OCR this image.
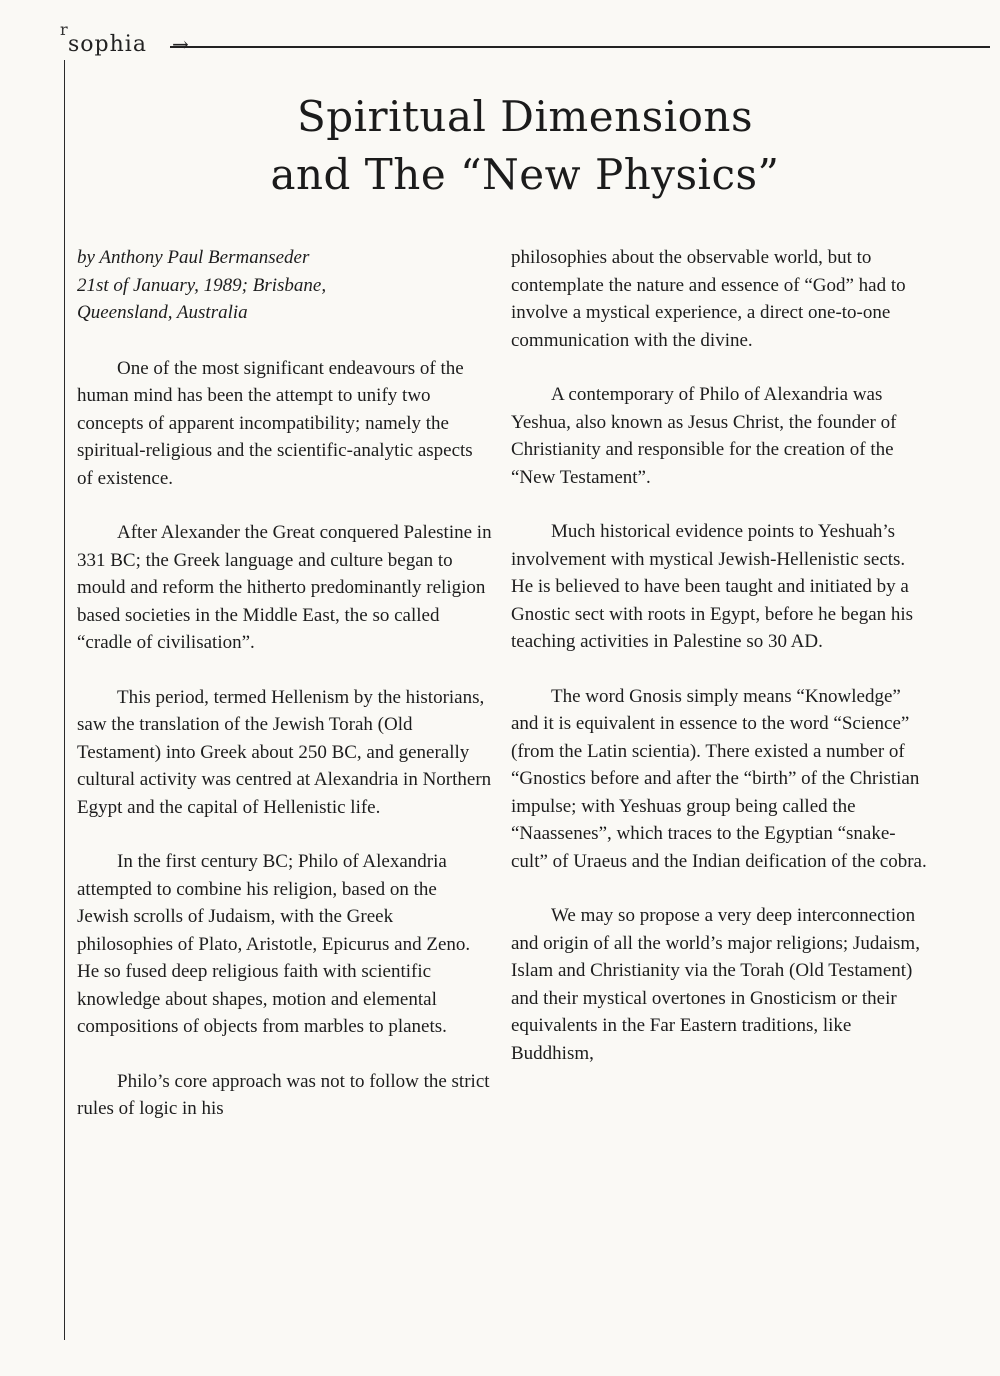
r
sophia →
Spiritual Dimensions
and The “New Physics”
by Anthony Paul Bermanseder
21st of January, 1989; Brisbane,
Queensland, Australia

One of the most significant endeavours of the human mind has been the attempt to unify two concepts of apparent incompatibility; namely the spiritual-religious and the scientific-analytic aspects of existence.

After Alexander the Great conquered Palestine in 331 BC; the Greek language and culture began to mould and reform the hitherto predominantly religion based societies in the Middle East, the so called “cradle of civilisation”.

This period, termed Hellenism by the historians, saw the translation of the Jewish Torah (Old Testament) into Greek about 250 BC, and generally cultural activity was centred at Alexandria in Northern Egypt and the capital of Hellenistic life.

In the first century BC; Philo of Alexandria attempted to combine his religion, based on the Jewish scrolls of Judaism, with the Greek philosophies of Plato, Aristotle, Epicurus and Zeno. He so fused deep religious faith with scientific knowledge about shapes, motion and elemental compositions of objects from marbles to planets.

Philo’s core approach was not to follow the strict rules of logic in his

philosophies about the observable world, but to contemplate the nature and essence of “God” had to involve a mystical experience, a direct one-to-one communication with the divine.

A contemporary of Philo of Alexandria was Yeshua, also known as Jesus Christ, the founder of Christianity and responsible for the creation of the “New Testament”.

Much historical evidence points to Yeshuah’s involvement with mystical Jewish-Hellenistic sects. He is believed to have been taught and initiated by a Gnostic sect with roots in Egypt, before he began his teaching activities in Palestine so 30 AD.

The word Gnosis simply means “Knowledge” and it is equivalent in essence to the word “Science” (from the Latin scientia). There existed a number of “Gnostics before and after the “birth” of the Christian impulse; with Yeshuas group being called the “Naassenes”, which traces to the Egyptian “snake-cult” of Uraeus and the Indian deification of the cobra.

We may so propose a very deep interconnection and origin of all the world’s major religions; Judaism, Islam and Christianity via the Torah (Old Testament) and their mystical overtones in Gnosticism or their equivalents in the Far Eastern traditions, like Buddhism,
